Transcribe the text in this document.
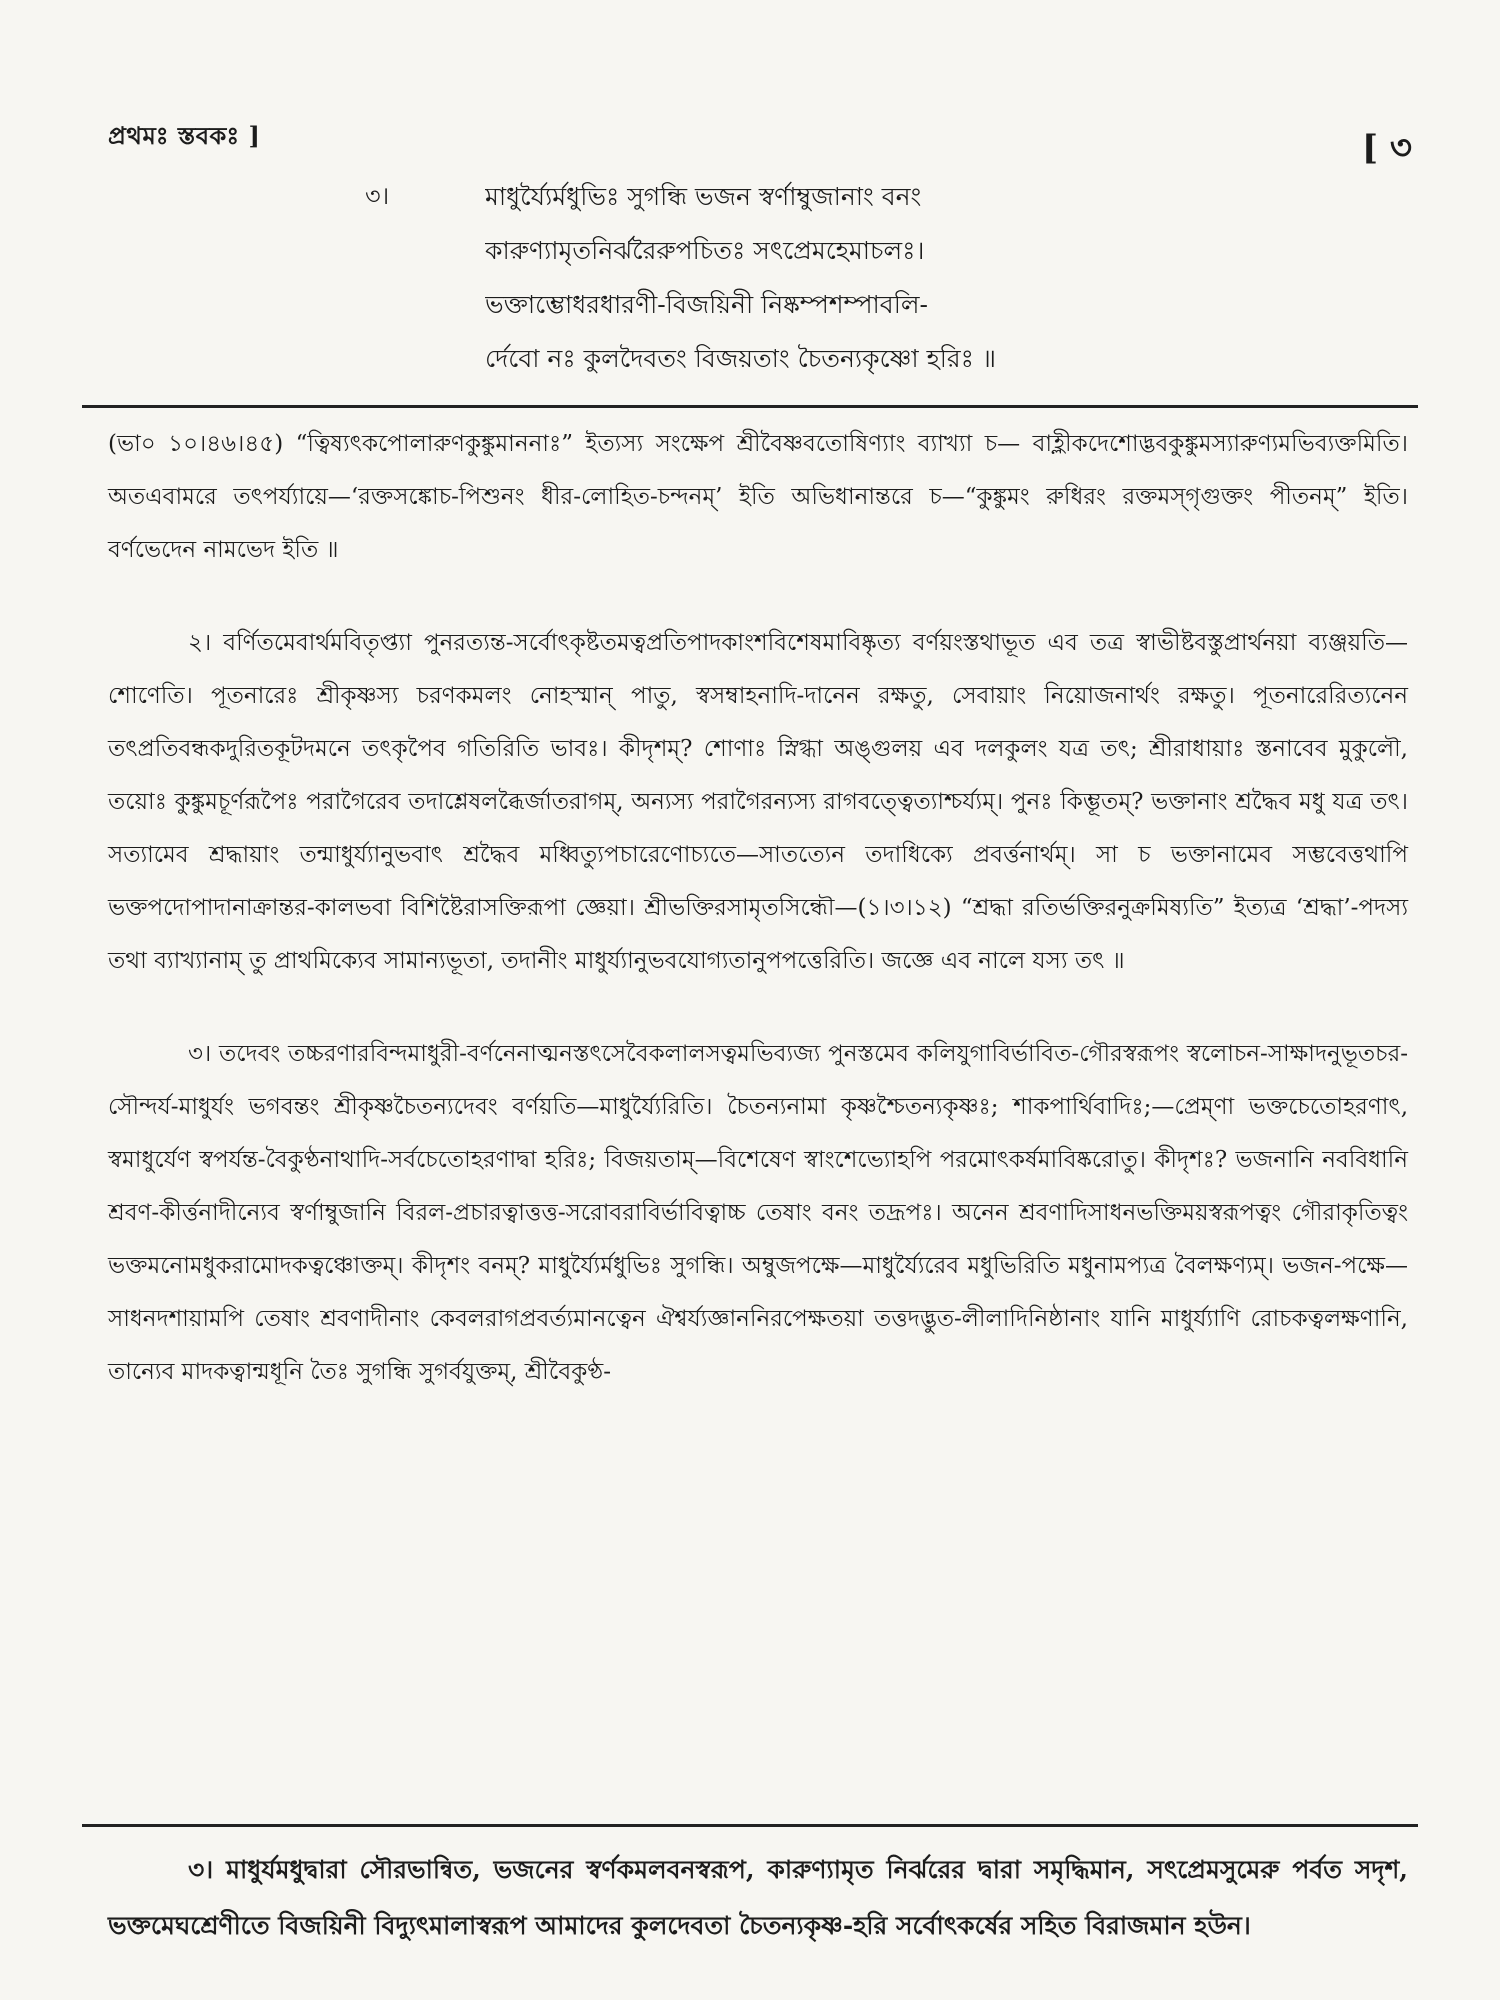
প্রথমঃ স্তবকঃ ]	[ ৩
৩।	মাধুর্য্যৈর্মধুভিঃ সুগন্ধি ভজন স্বর্ণাম্বুজানাং বনং
কারুণ্যামৃতনির্ঝরৈরুপচিতঃ সৎপ্রেমহেমাচলঃ।
ভক্তাম্ভোধরধারণী-বিজয়িনী নিষ্কম্পশম্পাবলি-
র্দেবো নঃ কুলদৈবতং বিজয়তাং চৈতন্যকৃষ্ণো হরিঃ ॥

(ভা০ ১০।৪৬।৪৫) “ত্বিষ্যৎকপোলারুণকুঙ্কুমাননাঃ” ইত্যস্য সংক্ষেপ শ্রীবৈষ্ণবতোষিণ্যাং ব্যাখ্যা চ— বাহ্লীকদেশোদ্ভবকুঙ্কুমস্যারুণ্যমভিব্যক্তমিতি। অতএবামরে তৎপর্য্যায়ে—‘রক্তসঙ্কোচ-পিশুনং ধীর-লোহিত-চন্দনম্’ ইতি অভিধানান্তরে চ—“কুঙ্কুমং রুধিরং রক্তমস্গৃগুক্তং পীতনম্” ইতি। বর্ণভেদেন নামভেদ ইতি ॥

২। বর্ণিতমেবার্থমবিতৃপ্ত্যা পুনরত্যন্ত-সর্বোৎকৃষ্টতমত্বপ্রতিপাদকাংশবিশেষমাবিষ্কৃত্য বর্ণয়ংস্তথাভূত এব তত্র স্বাভীষ্টবস্তুপ্রার্থনয়া ব্যঞ্জয়তি—শোণেতি। পূতনারেঃ শ্রীকৃষ্ণস্য চরণকমলং নোহস্মান্ পাতু, স্বসম্বাহনাদি-দানেন রক্ষতু, সেবায়াং নিয়োজনার্থং রক্ষতু। পূতনারেরিত্যনেন তৎপ্রতিবন্ধকদুরিতকূটদমনে তৎকৃপৈব গতিরিতি ভাবঃ। কীদৃশম্? শোণাঃ স্নিগ্ধা অঙ্গুলয় এব দলকুলং যত্র তৎ; শ্রীরাধায়াঃ স্তনাবেব মুকুলৌ, তয়োঃ কুঙ্কুমচূর্ণরূপৈঃ পরাগৈরেব তদাশ্লেষলব্ধৈর্জাতরাগম্, অন্যস্য পরাগৈরন্যস্য রাগবত্ত্বেত্যাশ্চর্য্যম্। পুনঃ কিম্ভূতম্? ভক্তানাং শ্রদ্ধৈব মধু যত্র তৎ। সত্যামেব শ্রদ্ধায়াং তন্মাধুর্য্যানুভবাৎ শ্রদ্ধৈব মধ্বিত্যুপচারেণোচ্যতে—সাতত্যেন তদাধিক্যে প্রবর্ত্তনার্থম্। সা চ ভক্তানামেব সম্ভবেত্তথাপি ভক্তপদোপাদানাক্রান্তর-কালভবা বিশিষ্টৈরাসক্তিরূপা জ্ঞেয়া। শ্রীভক্তিরসামৃতসিন্ধৌ—(১।৩।১২) “শ্রদ্ধা রতির্ভক্তিরনুক্রমিষ্যতি” ইত্যত্র ‘শ্রদ্ধা’-পদস্য তথা ব্যাখ্যানাম্ তু প্রাথমিক্যেব সামান্যভূতা, তদানীং মাধুর্য্যানুভবযোগ্যতানুপপত্তেরিতি। জজ্ঞে এব নালে যস্য তৎ ॥

৩। তদেবং তচ্চরণারবিন্দমাধুরী-বর্ণনেনাত্মনস্তৎসেবৈকলালসত্বমভিব্যজ্য পুনস্তমেব কলিযুগাবির্ভাবিত-গৌরস্বরূপং স্বলোচন-সাক্ষাদনুভূতচর-সৌন্দর্য-মাধুর্যং ভগবন্তং শ্রীকৃষ্ণচৈতন্যদেবং বর্ণয়তি—মাধুর্য্যৈরিতি। চৈতন্যনামা কৃষ্ণশ্চৈতন্যকৃষ্ণঃ; শাকপার্থিবাদিঃ;—প্রেম্ণা ভক্তচেতোহরণাৎ, স্বমাধুর্যেণ স্বপর্যন্ত-বৈকুণ্ঠনাথাদি-সর্বচেতোহরণাদ্বা হরিঃ; বিজয়তাম্—বিশেষেণ স্বাংশেভ্যোহপি পরমোৎকর্ষমাবিষ্করোতু। কীদৃশঃ? ভজনানি নববিধানি শ্রবণ-কীর্ত্তনাদীন্যেব স্বর্ণাম্বুজানি বিরল-প্রচারত্বাত্তত্ত-সরোবরাবির্ভাবিত্বাচ্চ তেষাং বনং তদ্রূপঃ। অনেন শ্রবণাদিসাধনভক্তিময়স্বরূপত্বং গৌরাকৃতিত্বং ভক্তমনোমধুকরামোদকত্বঞ্চোক্তম্। কীদৃশং বনম্? মাধুর্য্যৈর্মধুভিঃ সুগন্ধি। অম্বুজপক্ষে—মাধুর্য্যৈরেব মধুভিরিতি মধুনামপ্যত্র বৈলক্ষণ্যম্। ভজন-পক্ষে—সাধনদশায়ামপি তেষাং শ্রবণাদীনাং কেবলরাগপ্রবর্ত্যমানত্বেন ঐশ্বর্য্যজ্ঞাননিরপেক্ষতয়া তত্তদদ্ভুত-লীলাদিনিষ্ঠানাং যানি মাধুর্য্যাণি রোচকত্বলক্ষণানি, তান্যেব মাদকত্বান্মধূনি তৈঃ সুগন্ধি সুগর্বযুক্তম্, শ্রীবৈকুণ্ঠ-

৩। মাধুর্যমধুদ্বারা সৌরভান্বিত, ভজনের স্বর্ণকমলবনস্বরূপ, কারুণ্যামৃত নির্ঝরের দ্বারা সমৃদ্ধিমান, সৎপ্রেমসুমেরু পর্বত সদৃশ, ভক্তমেঘশ্রেণীতে বিজয়িনী বিদ্যুৎমালাস্বরূপ আমাদের কুলদেবতা চৈতন্যকৃষ্ণ-হরি সর্বোৎকর্ষের সহিত বিরাজমান হউন।
